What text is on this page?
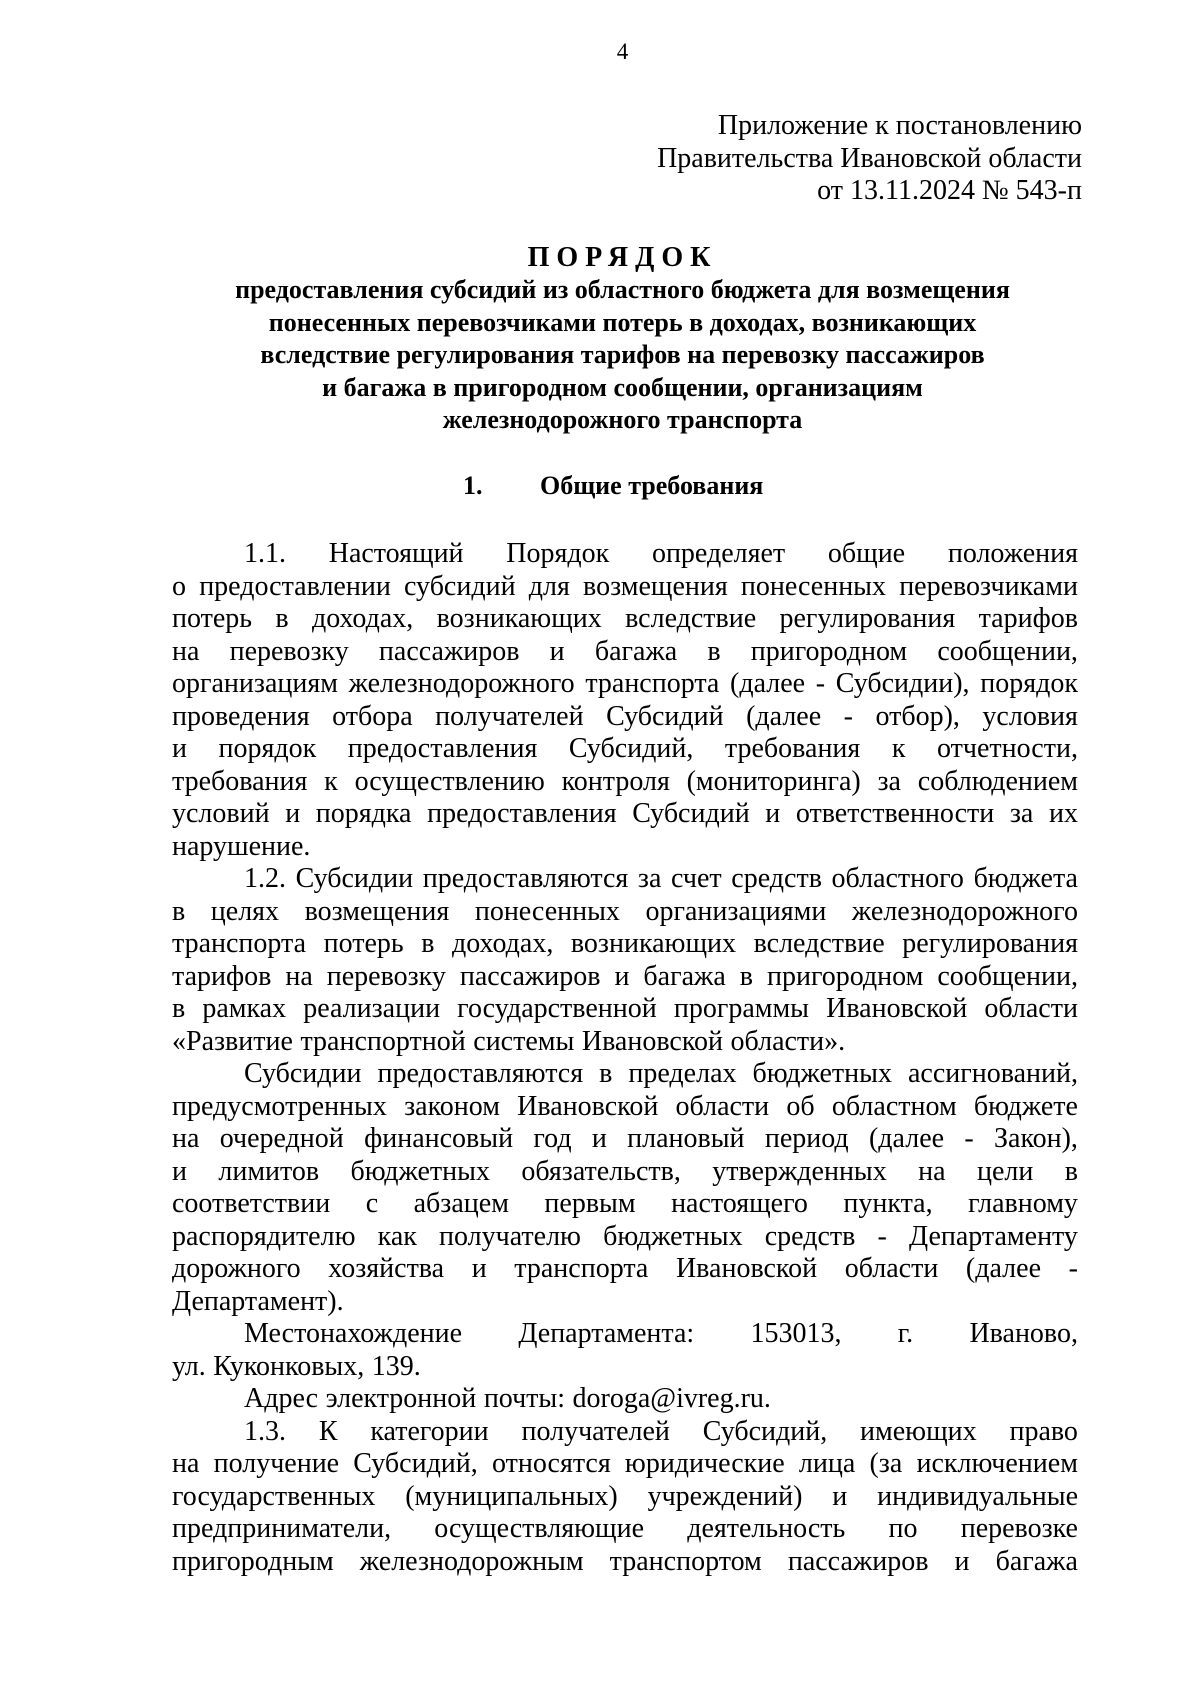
4
Приложение к постановлению
Правительства Ивановской области
от 13.11.2024 № 543-п
ПОРЯДОК
предоставления субсидий из областного бюджета для возмещения
понесенных перевозчиками потерь в доходах, возникающих
вследствие регулирования тарифов на перевозку пассажиров
и багажа в пригородном сообщении, организациям
железнодорожного транспорта
1. Общие требования
1.1. Настоящий Порядок определяет общие положения
о предоставлении субсидий для возмещения понесенных перевозчиками
потерь в доходах, возникающих вследствие регулирования тарифов
на перевозку пассажиров и багажа в пригородном сообщении,
организациям железнодорожного транспорта (далее - Субсидии), порядок
проведения отбора получателей Субсидий (далее - отбор), условия
и порядок предоставления Субсидий, требования к отчетности,
требования к осуществлению контроля (мониторинга) за соблюдением
условий и порядка предоставления Субсидий и ответственности за их
нарушение.
1.2. Субсидии предоставляются за счет средств областного бюджета
в целях возмещения понесенных организациями железнодорожного
транспорта потерь в доходах, возникающих вследствие регулирования
тарифов на перевозку пассажиров и багажа в пригородном сообщении,
в рамках реализации государственной программы Ивановской области
«Развитие транспортной системы Ивановской области».
Субсидии предоставляются в пределах бюджетных ассигнований,
предусмотренных законом Ивановской области об областном бюджете
на очередной финансовый год и плановый период (далее - Закон),
и лимитов бюджетных обязательств, утвержденных на цели в
соответствии с абзацем первым настоящего пункта, главному
распорядителю как получателю бюджетных средств - Департаменту
дорожного хозяйства и транспорта Ивановской области (далее -
Департамент).
Местонахождение Департамента: 153013, г. Иваново,
ул. Куконковых, 139.
Адрес электронной почты: doroga@ivreg.ru.
1.3. К категории получателей Субсидий, имеющих право
на получение Субсидий, относятся юридические лица (за исключением
государственных (муниципальных) учреждений) и индивидуальные
предприниматели, осуществляющие деятельность по перевозке
пригородным железнодорожным транспортом пассажиров и багажа
